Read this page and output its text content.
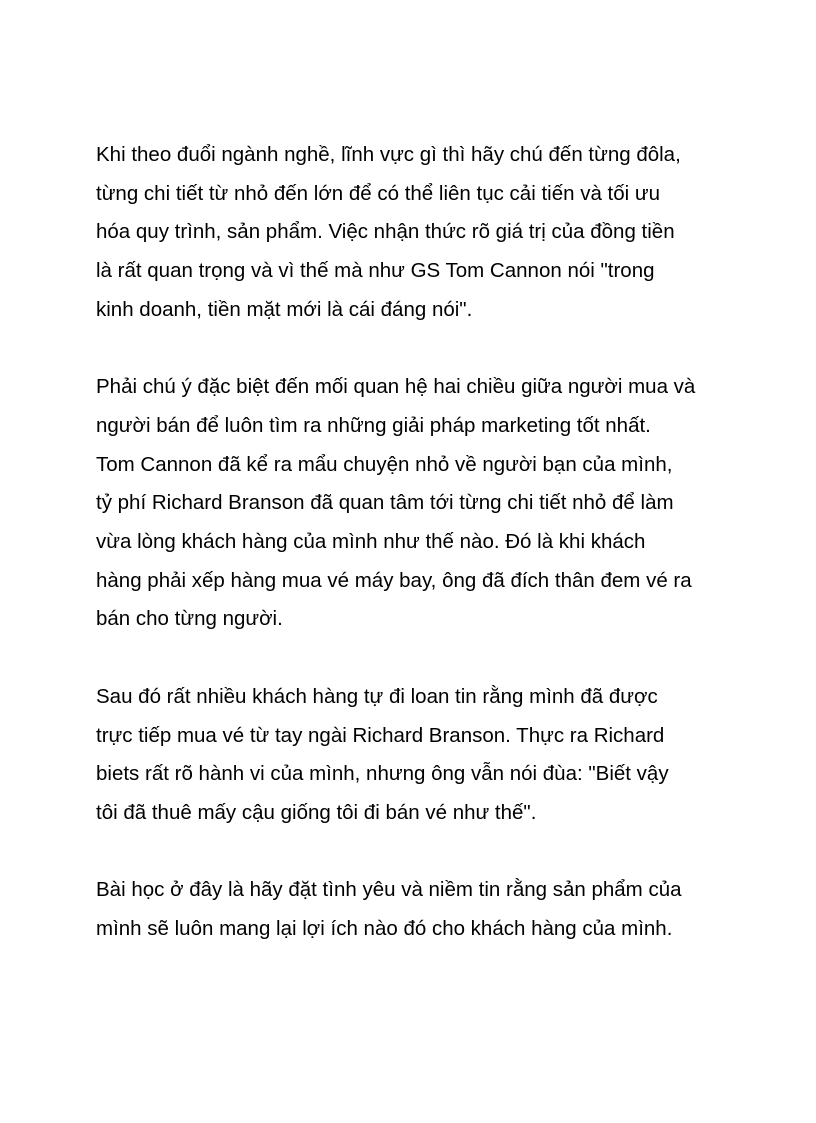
Khi theo đuổi ngành nghề, lĩnh vực gì thì hãy chú đến từng đôla,
từng chi tiết từ nhỏ đến lớn để có thể liên tục cải tiến và tối ưu
hóa quy trình, sản phẩm. Việc nhận thức rõ giá trị của đồng tiền
là rất quan trọng và vì thế mà như GS Tom Cannon nói "trong
kinh doanh, tiền mặt mới là cái đáng nói".

Phải chú ý đặc biệt đến mối quan hệ hai chiều giữa người mua và
người bán để luôn tìm ra những giải pháp marketing tốt nhất.
Tom Cannon đã kể ra mẩu chuyện nhỏ về người bạn của mình,
tỷ phí Richard Branson đã quan tâm tới từng chi tiết nhỏ để làm
vừa lòng khách hàng của mình như thế nào. Đó là khi khách
hàng phải xếp hàng mua vé máy bay, ông đã đích thân đem vé ra
bán cho từng người.

Sau đó rất nhiều khách hàng tự đi loan tin rằng mình đã được
trực tiếp mua vé từ tay ngài Richard Branson. Thực ra Richard
biets rất rõ hành vi của mình, nhưng ông vẫn nói đùa: "Biết vậy
tôi đã thuê mấy cậu giống tôi đi bán vé như thế".

Bài học ở đây là hãy đặt tình yêu và niềm tin rằng sản phẩm của
mình sẽ luôn mang lại lợi ích nào đó cho khách hàng của mình.
